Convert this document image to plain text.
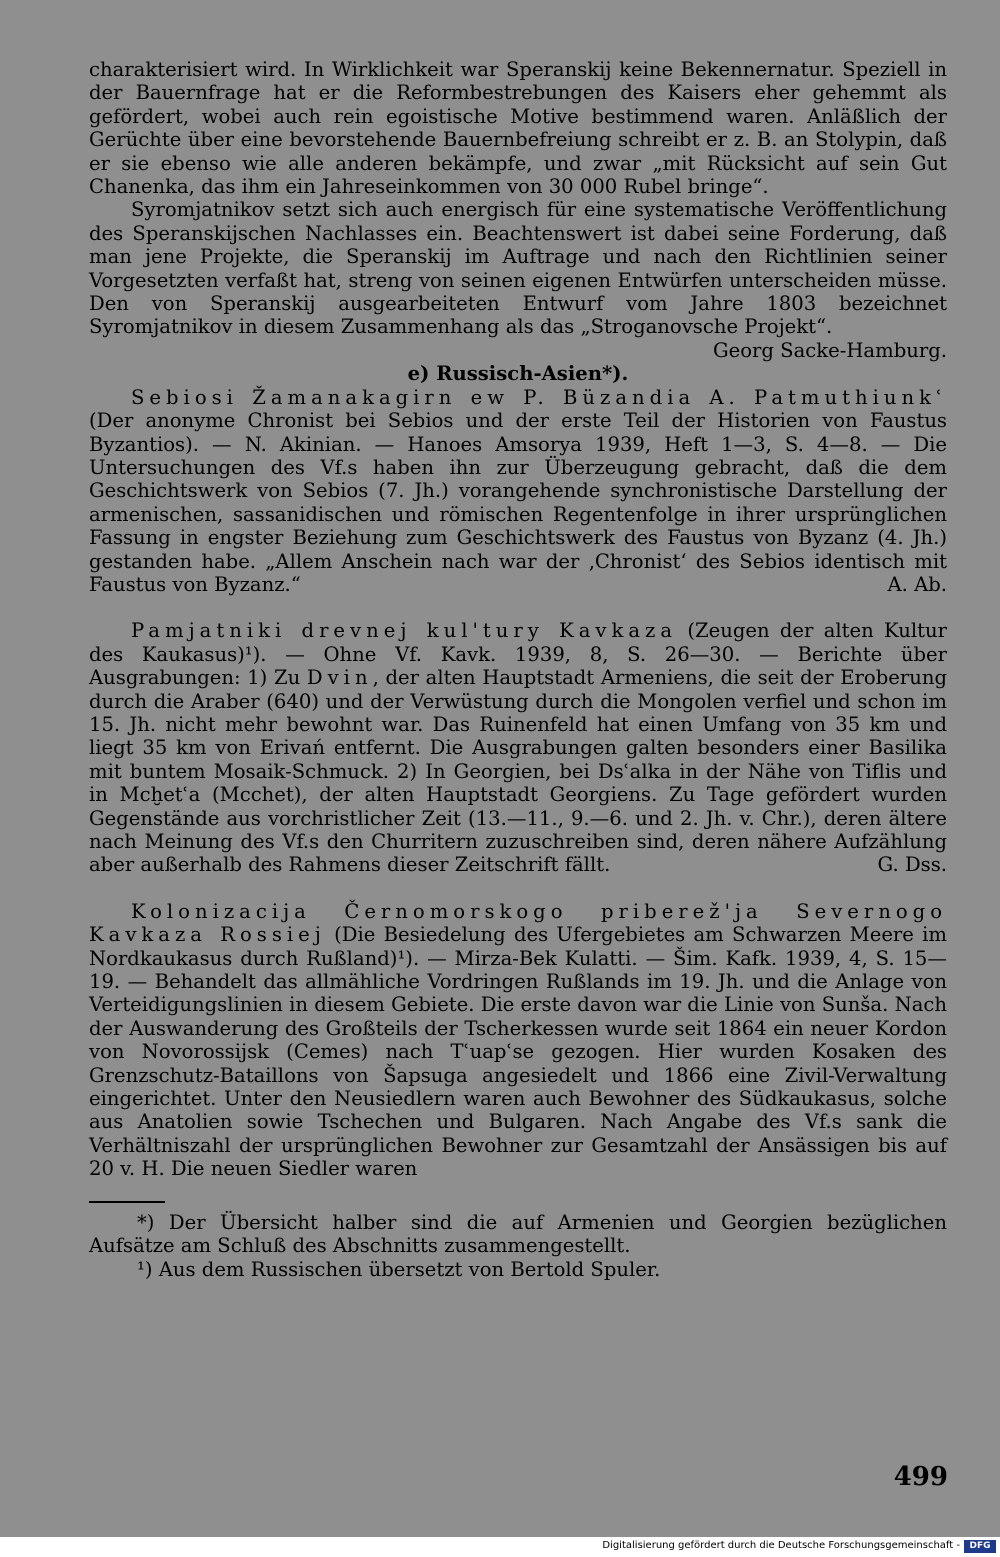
charakterisiert wird. In Wirklichkeit war Speranskij keine Bekennernatur. Speziell in der Bauernfrage hat er die Reformbestrebungen des Kaisers eher gehemmt als gefördert, wobei auch rein egoistische Motive bestimmend waren. Anläßlich der Gerüchte über eine bevorstehende Bauernbefreiung schreibt er z. B. an Stolypin, daß er sie ebenso wie alle anderen bekämpfe, und zwar „mit Rücksicht auf sein Gut Chanenka, das ihm ein Jahreseinkommen von 30 000 Rubel bringe“.

Syromjatnikov setzt sich auch energisch für eine systematische Veröffentlichung des Speranskijschen Nachlasses ein. Beachtenswert ist dabei seine Forderung, daß man jene Projekte, die Speranskij im Auftrage und nach den Richtlinien seiner Vorgesetzten verfaßt hat, streng von seinen eigenen Entwürfen unterscheiden müsse. Den von Speranskij ausgearbeiteten Entwurf vom Jahre 1803 bezeichnet Syromjatnikov in diesem Zusammenhang als das „Stroganovsche Projekt“.

Georg Sacke-Hamburg.

e) Russisch-Asien*).

Sebiosi Žamanakagirn ew P. Büzandia A. Patmuthiunkʿ (Der anonyme Chronist bei Sebios und der erste Teil der Historien von Faustus Byzantios). — N. Akinian. — Hanoes Amsorya 1939, Heft 1—3, S. 4—8. — Die Untersuchungen des Vf.s haben ihn zur Überzeugung gebracht, daß die dem Geschichtswerk von Sebios (7. Jh.) vorangehende synchronistische Darstellung der armenischen, sassanidischen und römischen Regentenfolge in ihrer ursprünglichen Fassung in engster Beziehung zum Geschichtswerk des Faustus von Byzanz (4. Jh.) gestanden habe. „Allem Anschein nach war der ‚Chronist‘ des Sebios identisch mit Faustus von Byzanz.“	A. Ab.

Pamjatniki drevnej kul'tury Kavkaza (Zeugen der alten Kultur des Kaukasus)¹). — Ohne Vf. Kavk. 1939, 8, S. 26—30. — Berichte über Ausgrabungen: 1) Zu Dvin, der alten Hauptstadt Armeniens, die seit der Eroberung durch die Araber (640) und der Verwüstung durch die Mongolen verfiel und schon im 15. Jh. nicht mehr bewohnt war. Das Ruinenfeld hat einen Umfang von 35 km und liegt 35 km von Erivań entfernt. Die Ausgrabungen galten besonders einer Basilika mit buntem Mosaik-Schmuck. 2) In Georgien, bei Dsʿalka in der Nähe von Tiflis und in Mcḫetʿa (Mcchet), der alten Hauptstadt Georgiens. Zu Tage gefördert wurden Gegenstände aus vorchristlicher Zeit (13.—11., 9.—6. und 2. Jh. v. Chr.), deren ältere nach Meinung des Vf.s den Churritern zuzuschreiben sind, deren nähere Aufzählung aber außerhalb des Rahmens dieser Zeitschrift fällt.	G. Dss.

Kolonizacija Černomorskogo priberež'ja Severnogo Kavkaza Rossiej (Die Besiedelung des Ufergebietes am Schwarzen Meere im Nordkaukasus durch Rußland)¹). — Mirza-Bek Kulatti. — Šim. Kafk. 1939, 4, S. 15—19. — Behandelt das allmähliche Vordringen Rußlands im 19. Jh. und die Anlage von Verteidigungslinien in diesem Gebiete. Die erste davon war die Linie von Sunša. Nach der Auswanderung des Großteils der Tscherkessen wurde seit 1864 ein neuer Kordon von Novorossijsk (Cemes) nach Tʿuapʿse gezogen. Hier wurden Kosaken des Grenzschutz-Bataillons von Šapsuga angesiedelt und 1866 eine Zivil-Verwaltung eingerichtet. Unter den Neusiedlern waren auch Bewohner des Südkaukasus, solche aus Anatolien sowie Tschechen und Bulgaren. Nach Angabe des Vf.s sank die Verhältniszahl der ursprünglichen Bewohner zur Gesamtzahl der Ansässigen bis auf 20 v. H. Die neuen Siedler waren

*) Der Übersicht halber sind die auf Armenien und Georgien bezüglichen Aufsätze am Schluß des Abschnitts zusammengestellt.

¹) Aus dem Russischen übersetzt von Bertold Spuler.

499
Digitalisierung gefördert durch die Deutsche Forschungsgemeinschaft -	DFG
